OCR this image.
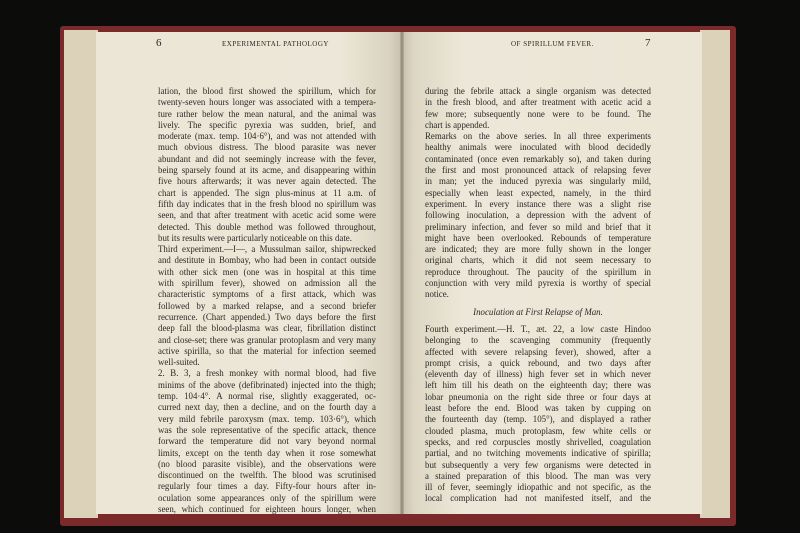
6	EXPERIMENTAL PATHOLOGY	OF SPIRILLUM FEVER.	7
lation, the blood first showed the spirillum, which for
twenty-seven hours longer was associated with a tempera-
ture rather below the mean natural, and the animal was
lively. The specific pyrexia was sudden, brief, and
moderate (max. temp. 104·6°), and was not attended with
much obvious distress. The blood parasite was never
abundant and did not seemingly increase with the fever,
being sparsely found at its acme, and disappearing within
five hours afterwards; it was never again detected. The
chart is appended. The sign plus-minus at 11 a.m. of
fifth day indicates that in the fresh blood no spirillum was
seen, and that after treatment with acetic acid some were
detected. This double method was followed throughout,
but its results were particularly noticeable on this date.
Third experiment.—I—, a Mussulman sailor, shipwrecked
and destitute in Bombay, who had been in contact outside
with other sick men (one was in hospital at this time
with spirillum fever), showed on admission all the
characteristic symptoms of a first attack, which was
followed by a marked relapse, and a second briefer
recurrence. (Chart appended.) Two days before the first
deep fall the blood-plasma was clear, fibrillation distinct
and close-set; there was granular protoplasm and very many
active spirilla, so that the material for infection seemed
well-suited.
2. B. 3, a fresh monkey with normal blood, had five
minims of the above (defibrinated) injected into the thigh;
temp. 104·4°. A normal rise, slightly exaggerated, oc-
curred next day, then a decline, and on the fourth day a
very mild febrile paroxysm (max. temp. 103·6°), which
was the sole representative of the specific attack, thence
forward the temperature did not vary beyond normal
limits, except on the tenth day when it rose somewhat
(no blood parasite visible), and the observations were
discontinued on the twelfth. The blood was scrutinised
regularly four times a day. Fifty-four hours after in-
oculation some appearances only of the spirillum were
seen, which continued for eighteen hours longer, when
during the febrile attack a single organism was detected
in the fresh blood, and after treatment with acetic acid a
few more; subsequently none were to be found. The
chart is appended.
Remarks on the above series. In all three experiments
healthy animals were inoculated with blood decidedly
contaminated (once even remarkably so), and taken during
the first and most pronounced attack of relapsing fever
in man; yet the induced pyrexia was singularly mild,
especially when least expected, namely, in the third
experiment. In every instance there was a slight rise
following inoculation, a depression with the advent of
preliminary infection, and fever so mild and brief that it
might have been overlooked. Rebounds of temperature
are indicated; they are more fully shown in the longer
original charts, which it did not seem necessary to
reproduce throughout. The paucity of the spirillum in
conjunction with very mild pyrexia is worthy of special
notice.
Inoculation at First Relapse of Man.
Fourth experiment.—H. T., æt. 22, a low caste Hindoo
belonging to the scavenging community (frequently
affected with severe relapsing fever), showed, after a
prompt crisis, a quick rebound, and two days after
(eleventh day of illness) high fever set in which never
left him till his death on the eighteenth day; there was
lobar pneumonia on the right side three or four days at
least before the end. Blood was taken by cupping on
the fourteenth day (temp. 105°), and displayed a rather
clouded plasma, much protoplasm, few white cells or
specks, and red corpuscles mostly shrivelled, coagulation
partial, and no twitching movements indicative of spirilla;
but subsequently a very few organisms were detected in
a stained preparation of this blood. The man was very
ill of fever, seemingly idiopathic and not specific, as the
local complication had not manifested itself, and the
